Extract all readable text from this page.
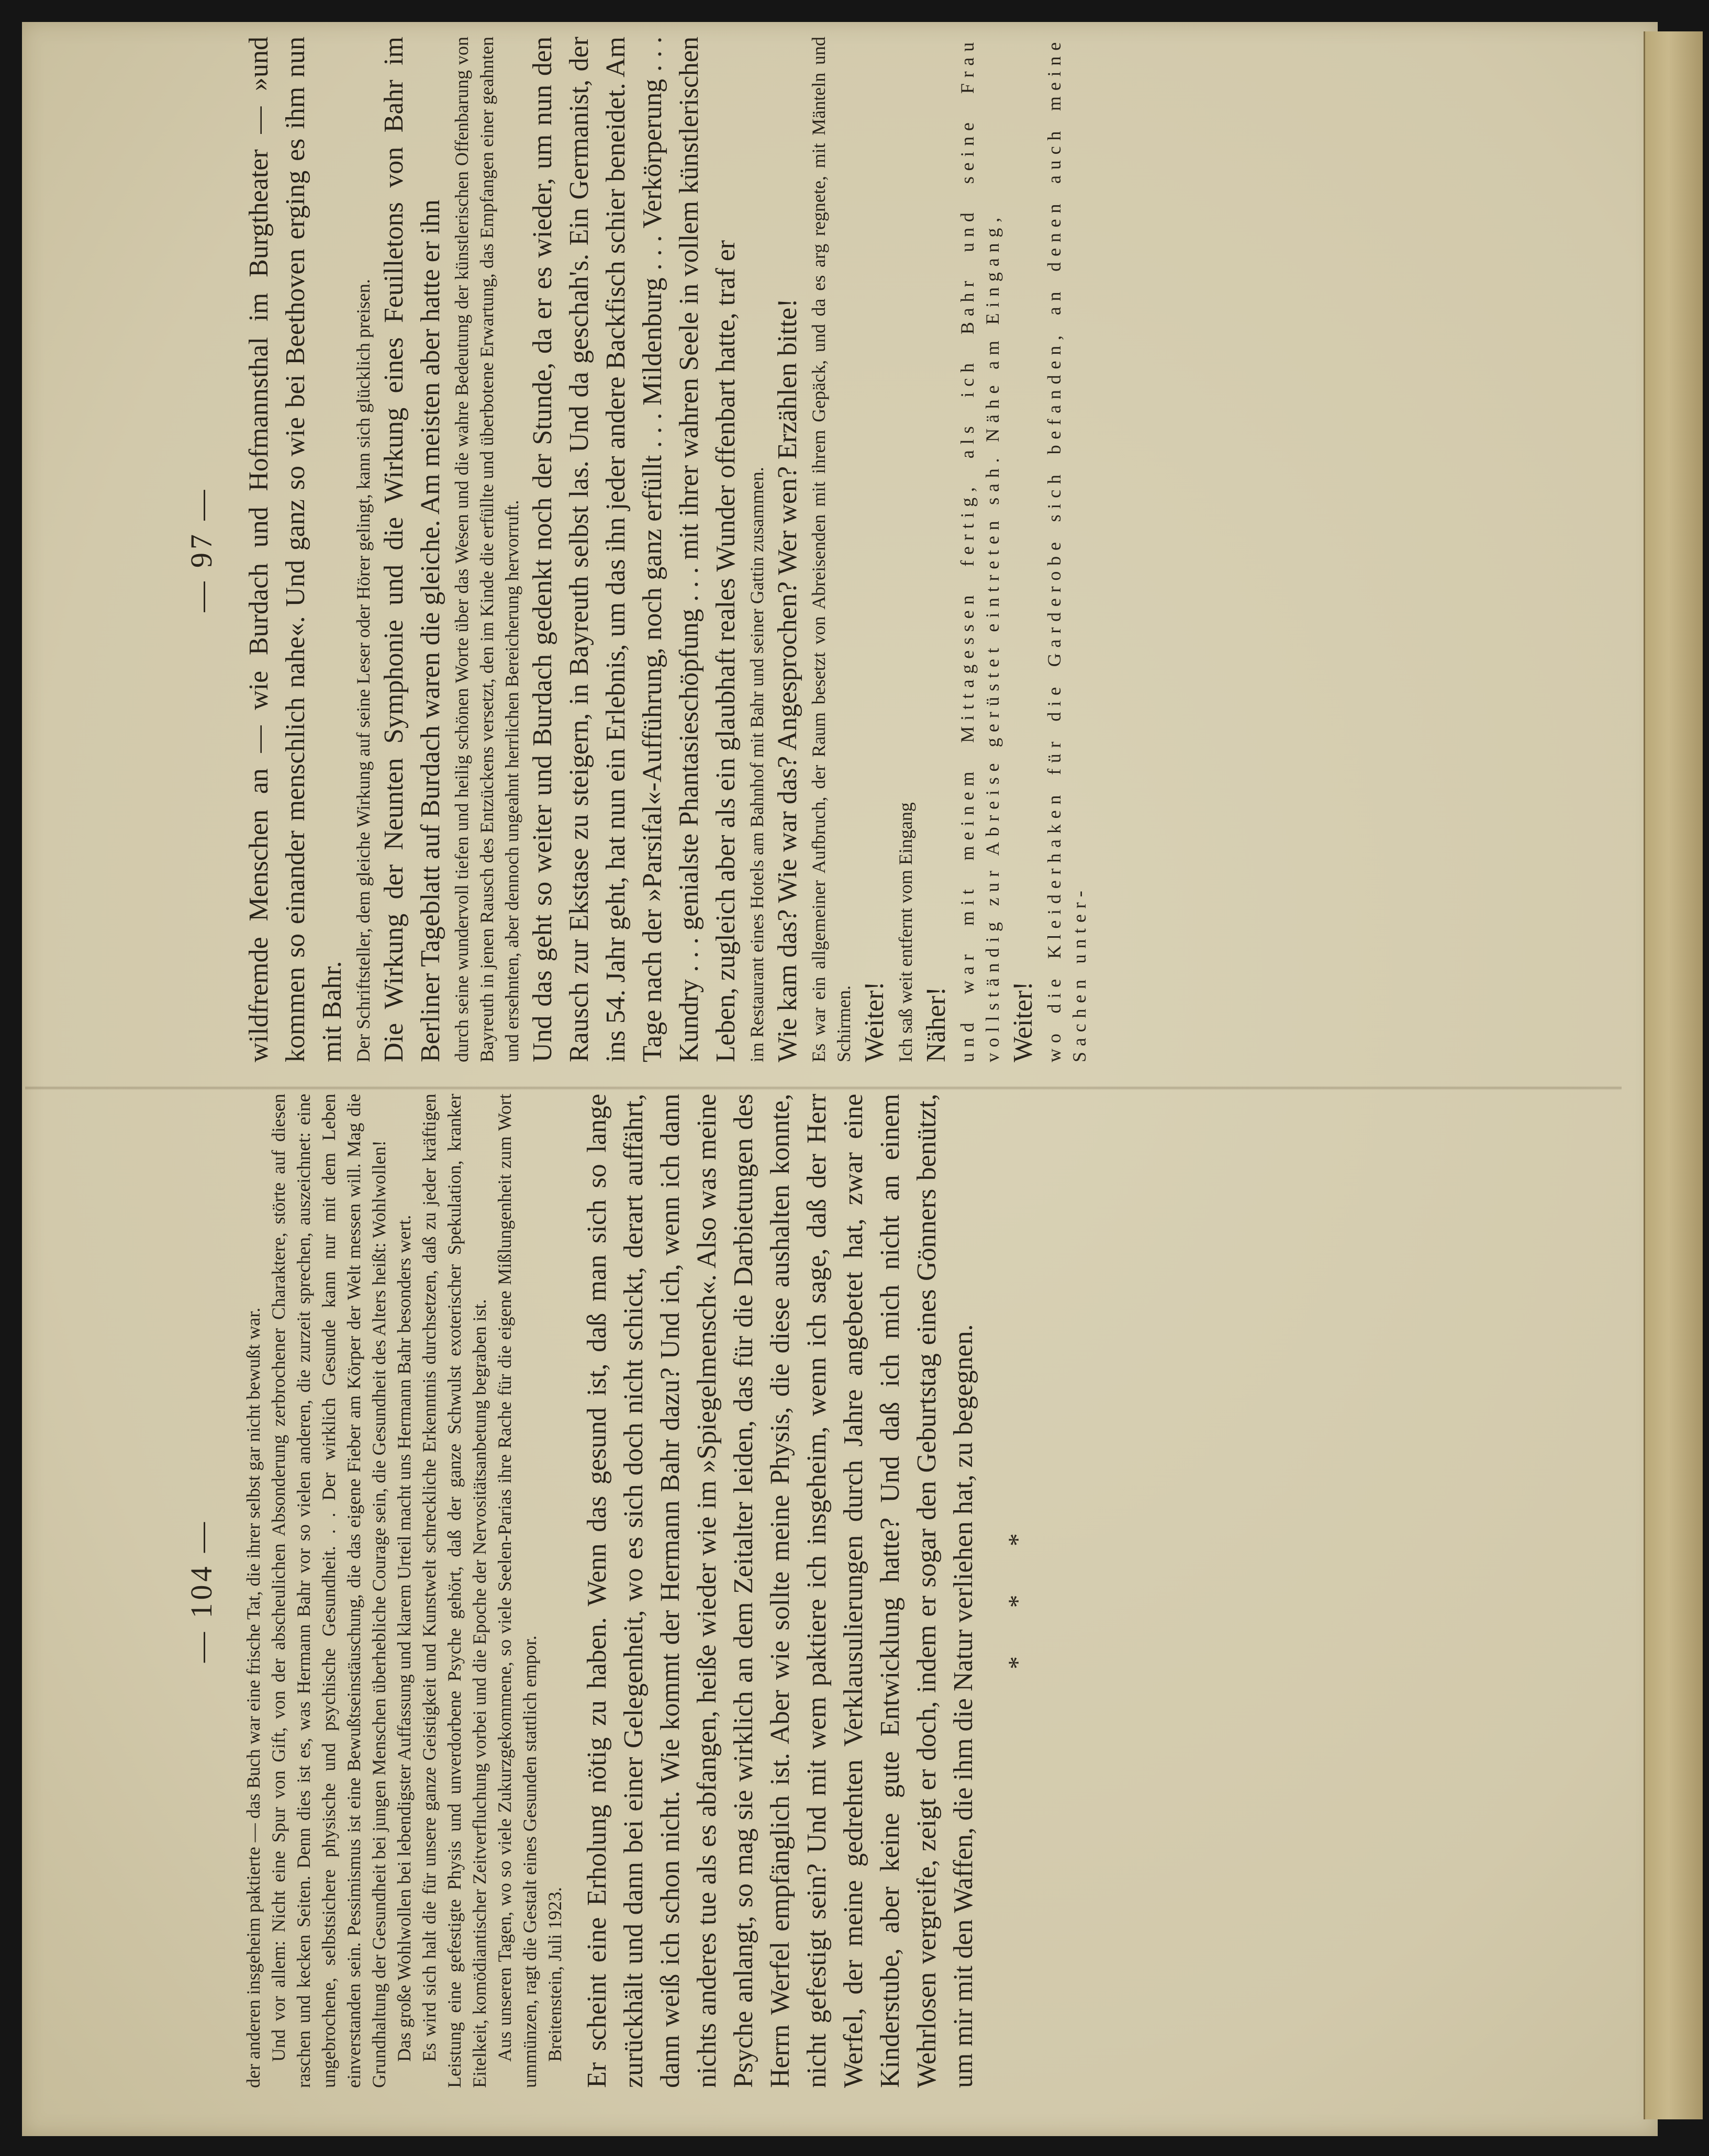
— 97 — wildfremde Menschen an — wie Burdach und Hofmannsthal im Burgtheater — »und kommen so einander menschlich nahe«. Und ganz so wie bei Beethoven erging es ihm nun mit Bahr. Der Schriftsteller, dem gleiche Wirkung auf seine Leser oder Hörer gelingt, kann sich glücklich preisen. Die Wirkung der Neunten Symphonie und die Wirkung eines Feuilletons von Bahr im Berliner Tageblatt auf Burdach waren die gleiche. Am meisten aber hatte er ihn durch seine wundervoll tiefen und heilig schönen Worte über das Wesen und die wahre Bedeutung der künstlerischen Offenbarung von Bayreuth in jenen Rausch des Entzückens versetzt, den im Kinde die erfüllte und überbotene Erwartung, das Empfangen einer geahnten und ersehnten, aber dennoch ungeahnt herrlichen Bereicherung hervorruft. Und das geht so weiter und Burdach gedenkt noch der Stunde, da er es wieder, um nun den Rausch zur Ekstase zu steigern, in Bayreuth selbst las. Und da geschah's. Ein Germanist, der ins 54. Jahr geht, hat nun ein Erlebnis, um das ihn jeder andere Backfisch schier beneidet. Am Tage nach der »Parsifal«-Aufführung, noch ganz erfüllt . . . Mildenburg . . . Verkörperung . . . Kundry . . . genialste Phantasieschöpfung . . . mit ihrer wahren Seele in vollem künstlerischen Leben, zugleich aber als ein glaubhaft reales Wunder offenbart hatte, traf er im Restaurant eines Hotels am Bahnhof mit Bahr und seiner Gattin zusammen. Wie kam das? Wie war das? Angesprochen? Wer wen? Erzählen bitte! Es war ein allgemeiner Aufbruch, der Raum besetzt von Abreisenden mit ihrem Gepäck, und da es arg regnete, mit Mänteln und Schirmen. Weiter! Ich saß weit entfernt vom Eingang Näher! und war mit meinem Mittagessen fertig, als ich Bahr und seine Frau vollständig zur Abreise gerüstet eintreten sah. Nähe am Eingang, Weiter! wo die Kleiderhaken für die Garderobe sich befanden, an denen auch meine Sachen unter-

— 104 —	der anderen insgeheim paktierte — das Buch war eine frische Tat, die ihrer selbst gar nicht bewußt war. Und vor allem: Nicht eine Spur von Gift, von der abscheulichen Absonderung zerbrochener Charaktere, störte auf diesen raschen und kecken Seiten. Denn dies ist es, was Hermann Bahr vor so vielen anderen, die zurzeit sprechen, auszeichnet: eine ungebrochene, selbstsichere physische und psychische Gesundheit. . . Der wirklich Gesunde kann nur mit dem Leben einverstanden sein. Pessimismus ist eine Bewußtseinstäuschung, die das eigene Fieber am Körper der Welt messen will. Mag die Grundhaltung der Gesundheit bei jungen Menschen überhebliche Courage sein, die Gesundheit des Alters heißt: Wohlwollen! Das große Wohlwollen bei lebendigster Auffassung und klarem Urteil macht uns Hermann Bahr besonders wert. Es wird sich halt die für unsere ganze Geistigkeit und Kunstwelt schreckliche Erkenntnis durchsetzen, daß zu jeder kräftigen Leistung eine gefestigte Physis und unverdorbene Psyche gehört, daß der ganze Schwulst exoterischer Spekulation, kranker Eitelkeit, komödiantischer Zeitverfluchung vorbei und die Epoche der Nervositätsanbetung begraben ist. Aus unseren Tagen, wo so viele Zukurzgekommene, so viele Seelen-Parias ihre Rache für die eigene Mißlungenheit zum Wort ummünzen, ragt die Gestalt eines Gesunden stattlich empor. Breitenstein, Juli 1923. Er scheint eine Erholung nötig zu haben. Wenn das gesund ist, daß man sich so lange zurückhält und dann bei einer Gelegenheit, wo es sich doch nicht schickt, derart auffährt, dann weiß ich schon nicht. Wie kommt der Hermann Bahr dazu? Und ich, wenn ich dann nichts anderes tue als es abfangen, heiße wieder wie im »Spiegelmensch«. Also was meine Psyche anlangt, so mag sie wirklich an dem Zeitalter leiden, das für die Darbietungen des Herrn Werfel empfänglich ist. Aber wie sollte meine Physis, die diese aushalten konnte, nicht gefestigt sein? Und mit wem paktiere ich insgeheim, wenn ich sage, daß der Herr Werfel, der meine gedrehten Verklausulierungen durch Jahre angebetet hat, zwar eine Kinderstube, aber keine gute Entwicklung hatte? Und daß ich mich nicht an einem Wehrlosen vergreife, zeigt er doch, indem er sogar den Geburtstag eines Gönners benützt, um mir mit den Waffen, die ihm die Natur verliehen hat, zu begegnen. * * *
